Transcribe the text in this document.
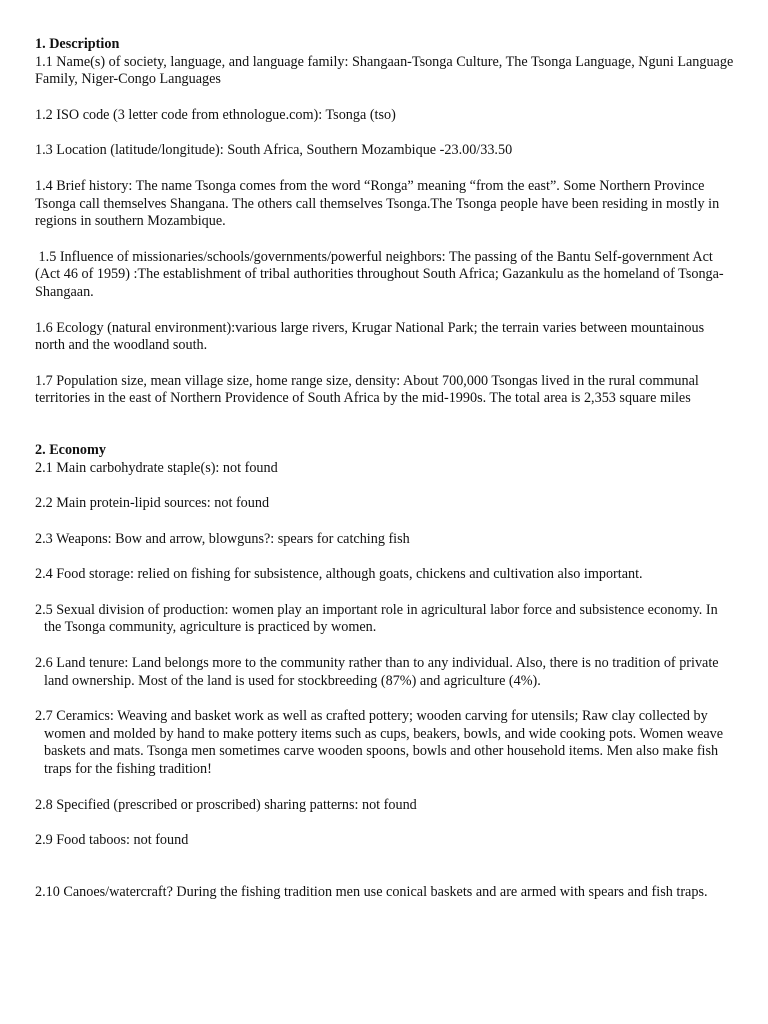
1. Description
1.1 Name(s) of society, language, and language family: Shangaan-Tsonga Culture, The Tsonga Language, Nguni Language Family, Niger-Congo Languages
1.2 ISO code (3 letter code from ethnologue.com): Tsonga (tso)
1.3 Location (latitude/longitude): South Africa, Southern Mozambique -23.00/33.50
1.4 Brief history: The name Tsonga comes from the word “Ronga” meaning “from the east”. Some Northern Province Tsonga call themselves Shangana. The others call themselves Tsonga.The Tsonga people have been residing in mostly in regions in southern Mozambique.
1.5 Influence of missionaries/schools/governments/powerful neighbors: The passing of the Bantu Self-government Act (Act 46 of 1959) :The establishment of tribal authorities throughout South Africa; Gazankulu as the homeland of Tsonga-Shangaan.
1.6 Ecology (natural environment):various large rivers, Krugar National Park; the terrain varies between mountainous north and the woodland south.
1.7 Population size, mean village size, home range size, density: About 700,000 Tsongas lived in the rural communal territories in the east of Northern Providence of South Africa by the mid-1990s. The total area is 2,353 square miles
2. Economy
2.1 Main carbohydrate staple(s): not found
2.2 Main protein-lipid sources: not found
2.3 Weapons: Bow and arrow, blowguns?: spears for catching fish
2.4 Food storage: relied on fishing for subsistence, although goats, chickens and cultivation also important.
2.5 Sexual division of production: women play an important role in agricultural labor force and subsistence economy. In the Tsonga community, agriculture is practiced by women.
2.6 Land tenure: Land belongs more to the community rather than to any individual. Also, there is no tradition of private land ownership. Most of the land is used for stockbreeding (87%) and agriculture (4%).
2.7 Ceramics: Weaving and basket work as well as crafted pottery; wooden carving for utensils; Raw clay collected by women and molded by hand to make pottery items such as cups, beakers, bowls, and wide cooking pots. Women weave baskets and mats. Tsonga men sometimes carve wooden spoons, bowls and other household items. Men also make fish traps for the fishing tradition!
2.8 Specified (prescribed or proscribed) sharing patterns: not found
2.9 Food taboos: not found
2.10 Canoes/watercraft? During the fishing tradition men use conical baskets and are armed with spears and fish traps.
